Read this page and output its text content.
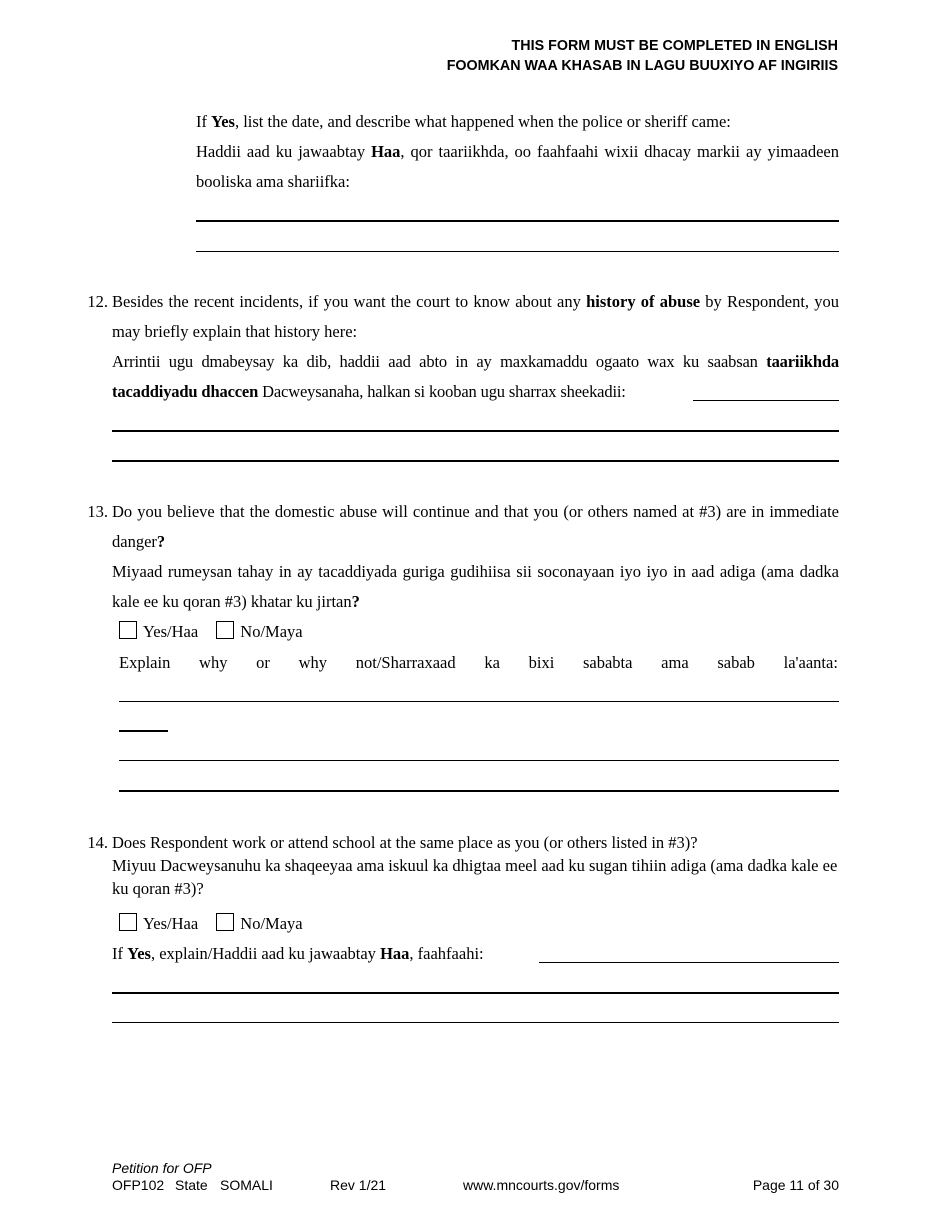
THIS FORM MUST BE COMPLETED IN ENGLISH
FOOMKAN WAA KHASAB IN LAGU BUUXIYO AF INGIRIIS
If Yes, list the date, and describe what happened when the police or sheriff came:
Haddii aad ku jawaabtay Haa, qor taariikhda, oo faahfaahi wixii dhacay markii ay yimaadeen booliska ama shariifka:
12. Besides the recent incidents, if you want the court to know about any history of abuse by Respondent, you may briefly explain that history here:
Arrintii ugu dmabeysay ka dib, haddii aad abto in ay maxkamaddu ogaato wax ku saabsan taariikhda tacaddiyadu dhaccen Dacweysanaha, halkan si kooban ugu sharrax sheekadii:
13. Do you believe that the domestic abuse will continue and that you (or others named at #3) are in immediate danger?
Miyaad rumeysan tahay in ay tacaddiyada guriga gudihiisa sii soconayaan iyo iyo in aad adiga (ama dadka kale ee ku qoran #3) khatar ku jirtan?
Yes/Haa	No/Maya
Explain why or why not/Sharraxaad ka bixi sababta ama sabab la'aanta:
14. Does Respondent work or attend school at the same place as you (or others listed in #3)?
Miyuu Dacweysanuhu ka shaqeeyaa ama iskuul ka dhigtaa meel aad ku sugan tihiin adiga (ama dadka kale ee ku qoran #3)?
Yes/Haa	No/Maya
If Yes, explain/Haddii aad ku jawaabtay Haa, faahfaahi:
Petition for OFP
OFP102 State SOMALI	Rev 1/21	www.mncourts.gov/forms	Page 11 of 30
